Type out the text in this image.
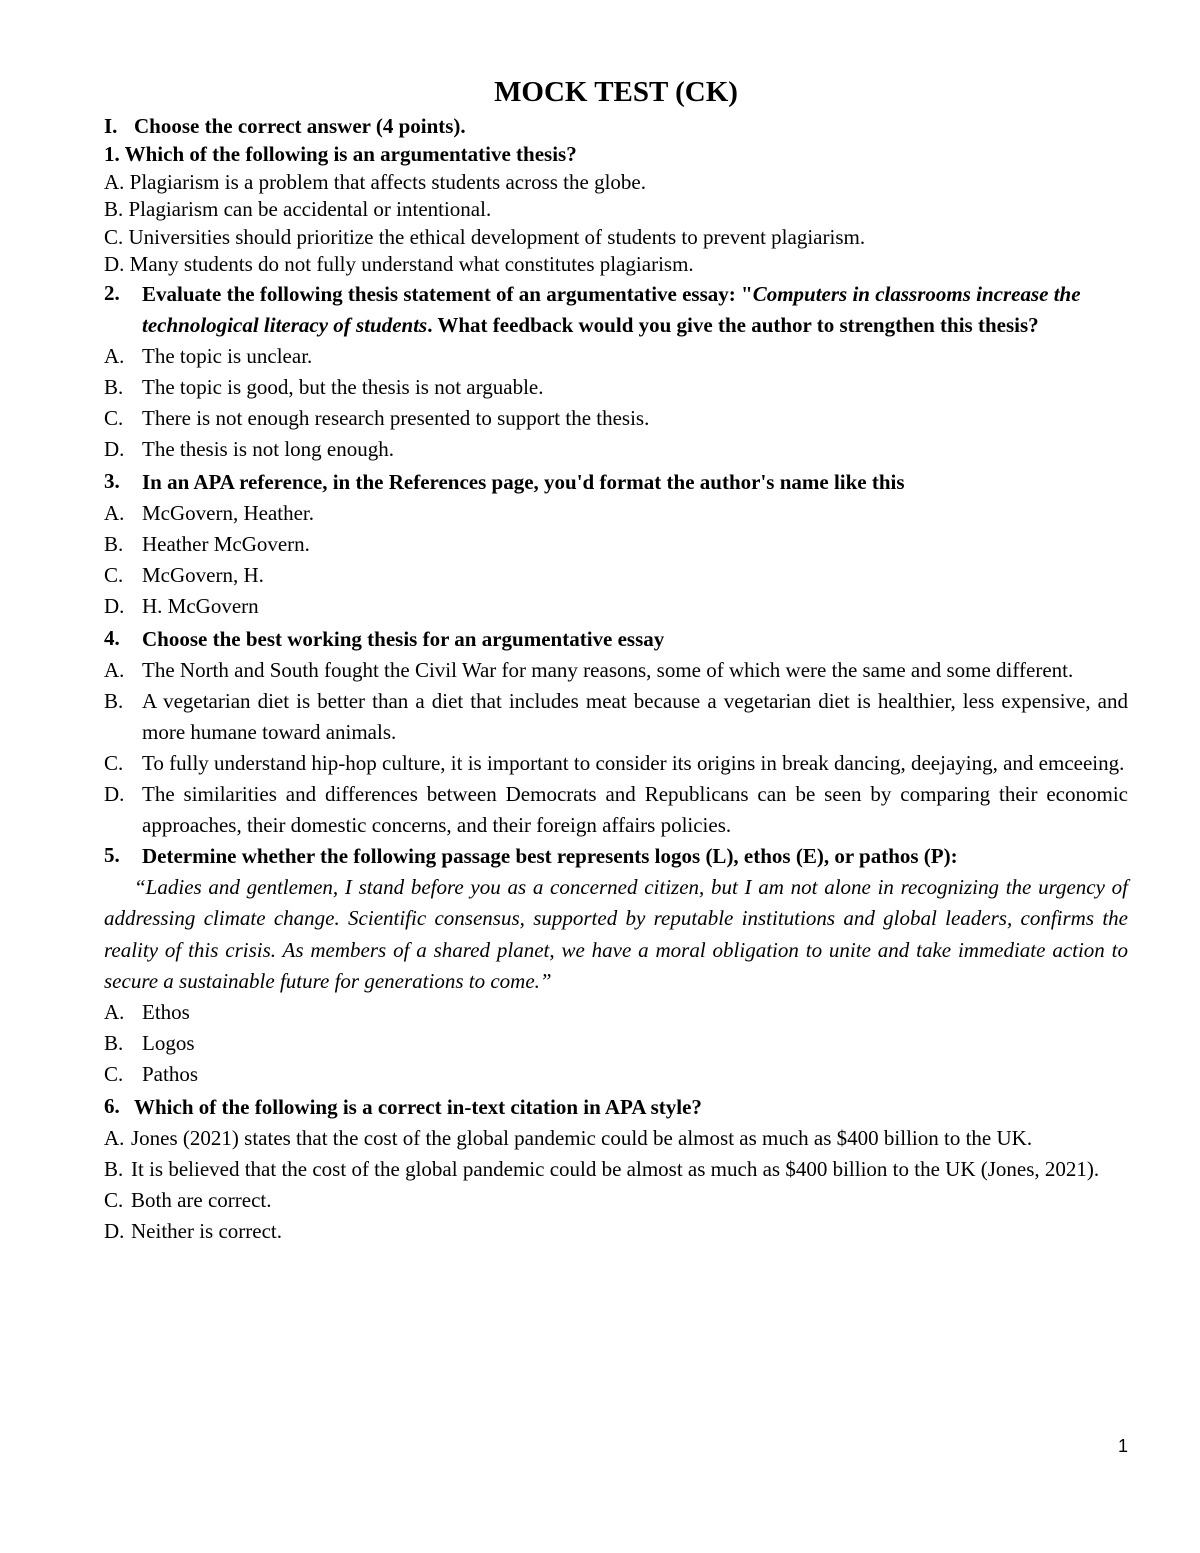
MOCK TEST (CK)
I. Choose the correct answer (4 points).
1. Which of the following is an argumentative thesis?
A. Plagiarism is a problem that affects students across the globe.
B. Plagiarism can be accidental or intentional.
C. Universities should prioritize the ethical development of students to prevent plagiarism.
D. Many students do not fully understand what constitutes plagiarism.
2.	Evaluate the following thesis statement of an argumentative essay: "Computers in classrooms increase the technological literacy of students. What feedback would you give the author to strengthen this thesis?
A. The topic is unclear.
B. The topic is good, but the thesis is not arguable.
C. There is not enough research presented to support the thesis.
D. The thesis is not long enough.
3.	In an APA reference, in the References page, you'd format the author's name like this
A. McGovern, Heather.
B. Heather McGovern.
C. McGovern, H.
D. H. McGovern
4.	Choose the best working thesis for an argumentative essay
A. The North and South fought the Civil War for many reasons, some of which were the same and some different.
B. A vegetarian diet is better than a diet that includes meat because a vegetarian diet is healthier, less expensive, and more humane toward animals.
C. To fully understand hip-hop culture, it is important to consider its origins in break dancing, deejaying, and emceeing.
D. The similarities and differences between Democrats and Republicans can be seen by comparing their economic approaches, their domestic concerns, and their foreign affairs policies.
5.	Determine whether the following passage best represents logos (L), ethos (E), or pathos (P):
“Ladies and gentlemen, I stand before you as a concerned citizen, but I am not alone in recognizing the urgency of addressing climate change. Scientific consensus, supported by reputable institutions and global leaders, confirms the reality of this crisis. As members of a shared planet, we have a moral obligation to unite and take immediate action to secure a sustainable future for generations to come.”
A. Ethos
B. Logos
C. Pathos
6. Which of the following is a correct in-text citation in APA style?
A. Jones (2021) states that the cost of the global pandemic could be almost as much as $400 billion to the UK.
B. It is believed that the cost of the global pandemic could be almost as much as $400 billion to the UK (Jones, 2021).
C. Both are correct.
D. Neither is correct.
1
